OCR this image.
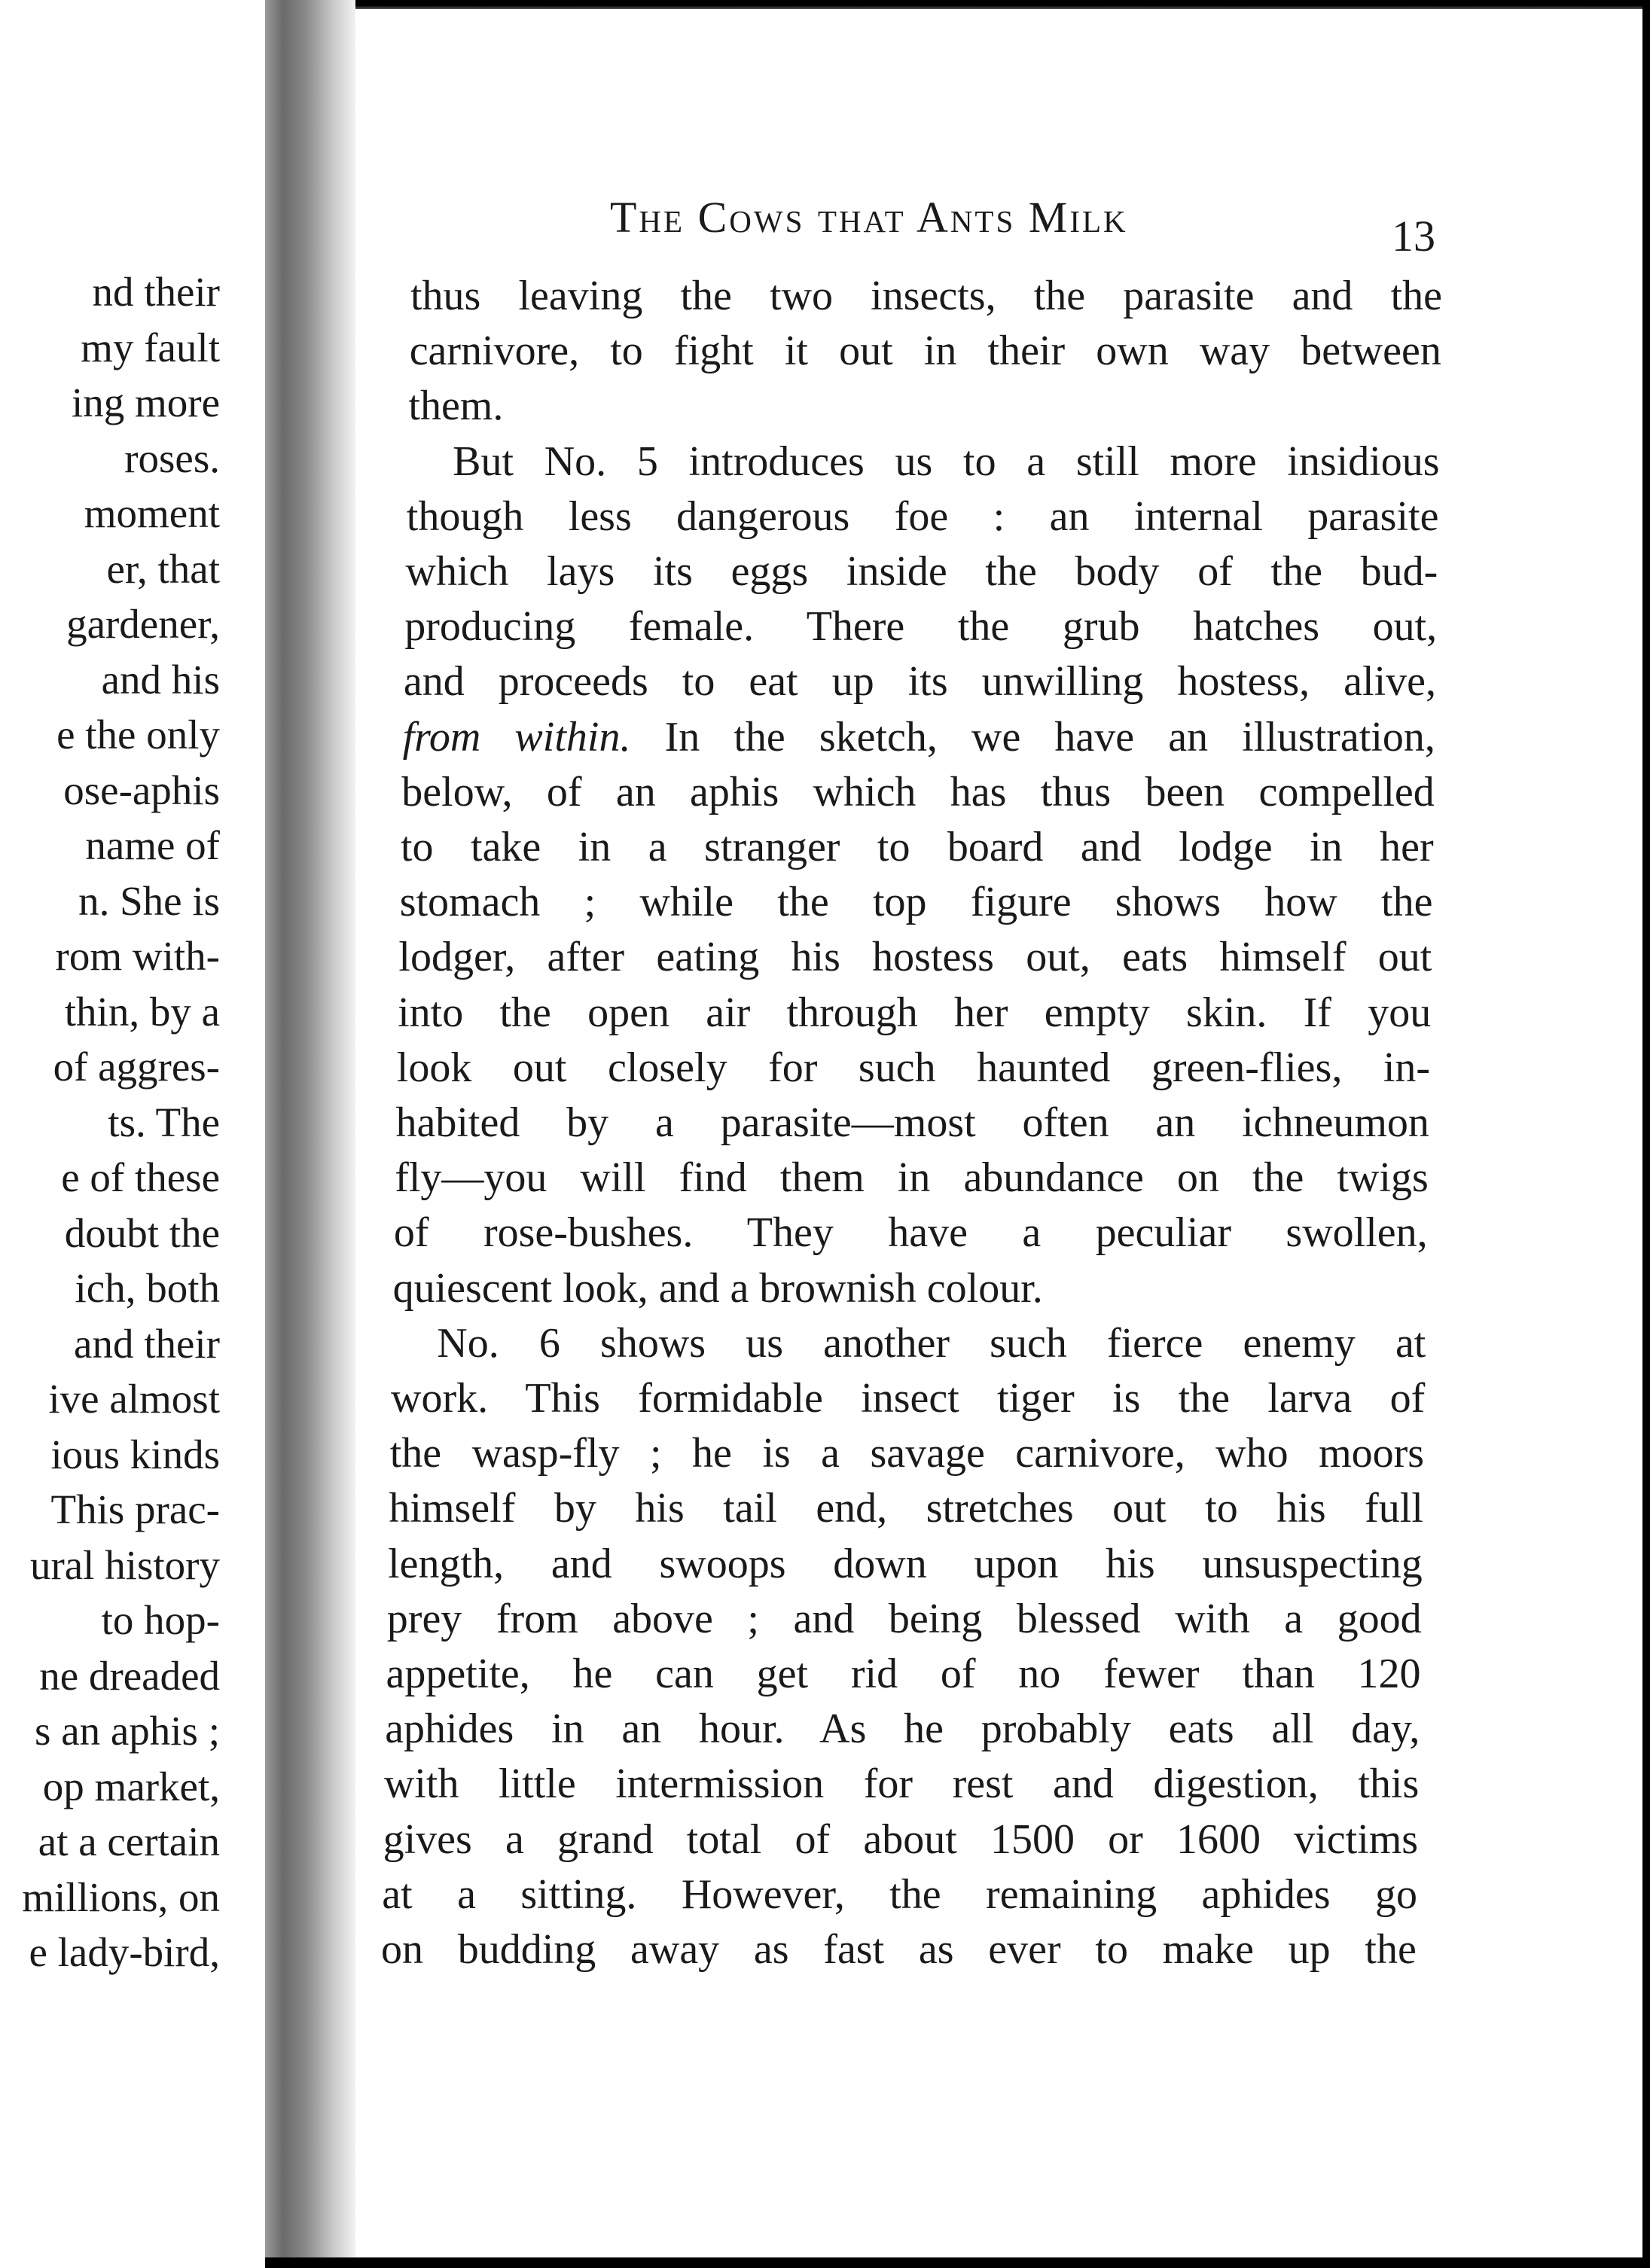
nd their
my fault
ing more
roses.
moment
er, that
gardener,
and his
e the only
ose-aphis
name of
n. She is
rom with-
thin, by a
of aggres-
ts. The
e of these
doubt the
ich, both
and their
ive almost
ious kinds
This prac-
ural history
to hop-
ne dreaded
s an aphis ;
op market,
at a certain
millions, on
e lady-bird,
The Cows that Ants Milk	13
thus leaving the two insects, the parasite and the
carnivore, to fight it out in their own way between
them.
But No. 5 introduces us to a still more insidious
though less dangerous foe : an internal parasite
which lays its eggs inside the body of the bud-
producing female. There the grub hatches out,
and proceeds to eat up its unwilling hostess, alive,
from within. In the sketch, we have an illustration,
below, of an aphis which has thus been compelled
to take in a stranger to board and lodge in her
stomach ; while the top figure shows how the
lodger, after eating his hostess out, eats himself out
into the open air through her empty skin. If you
look out closely for such haunted green-flies, in-
habited by a parasite—most often an ichneumon
fly—you will find them in abundance on the twigs
of rose-bushes. They have a peculiar swollen,
quiescent look, and a brownish colour.
No. 6 shows us another such fierce enemy at
work. This formidable insect tiger is the larva of
the wasp-fly ; he is a savage carnivore, who moors
himself by his tail end, stretches out to his full
length, and swoops down upon his unsuspecting
prey from above ; and being blessed with a good
appetite, he can get rid of no fewer than 120
aphides in an hour. As he probably eats all day,
with little intermission for rest and digestion, this
gives a grand total of about 1500 or 1600 victims
at a sitting. However, the remaining aphides go
on budding away as fast as ever to make up the
